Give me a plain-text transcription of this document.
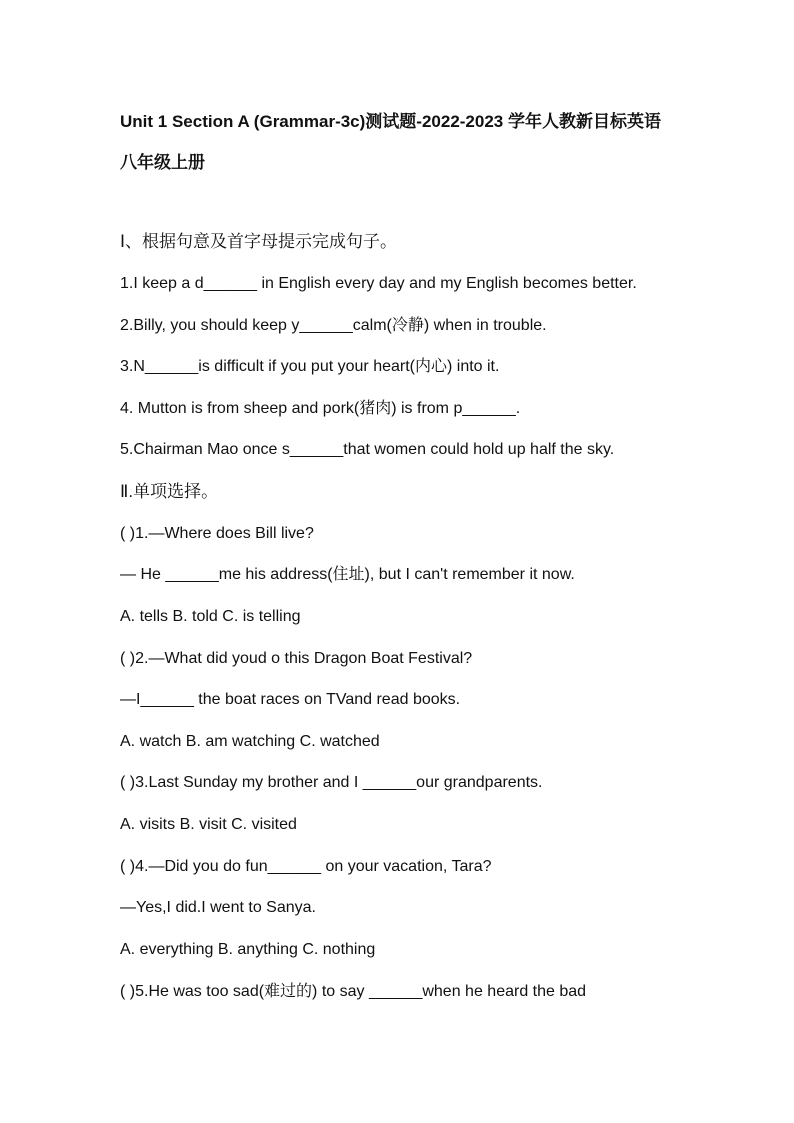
Unit 1 Section A (Grammar-3c)测试题-2022-2023 学年人教新目标英语
八年级上册
Ⅰ、根据句意及首字母提示完成句子。
1.I keep a d______ in English every day and my English becomes better.
2.Billy, you should keep y______calm(冷静) when in trouble.
3.N______is difficult if you put your heart(内心) into it.
4. Mutton is from sheep and pork(猪肉) is from p______.
5.Chairman Mao once s______that women could hold up half the sky.
Ⅱ.单项选择。
( )1.—Where does Bill live?
— He ______me his address(住址), but I can't remember it now.
A. tells B. told C. is telling
( )2.—What did youd o this Dragon Boat Festival?
—I______ the boat races on TVand read books.
A. watch B. am watching C. watched
( )3.Last Sunday my brother and I ______our grandparents.
A. visits B. visit C. visited
( )4.—Did you do fun______ on your vacation, Tara?
—Yes,I did.I went to Sanya.
A. everything B. anything C. nothing
( )5.He was too sad(难过的) to say ______when he heard the bad
